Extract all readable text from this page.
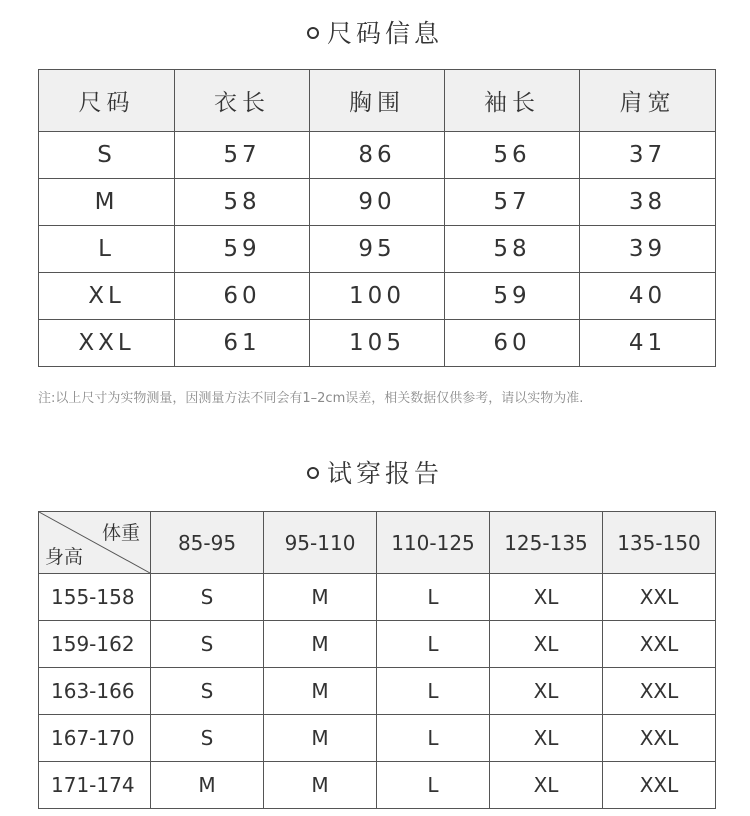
尺码信息
尺码	衣长	胸围	袖长	肩宽
S	57	86	56	37
M	58	90	57	38
L	59	95	58	39
XL	60	100	59	40
XXL	61	105	60	41
注:以上尺寸为实物测量，因测量方法不同会有1–2cm误差，相关数据仅供参考，请以实物为准.
试穿报告
体重
身高	85-95	95-110	110-125	125-135	135-150
155-158	S	M	L	XL	XXL
159-162	S	M	L	XL	XXL
163-166	S	M	L	XL	XXL
167-170	S	M	L	XL	XXL
171-174	M	M	L	XL	XXL
